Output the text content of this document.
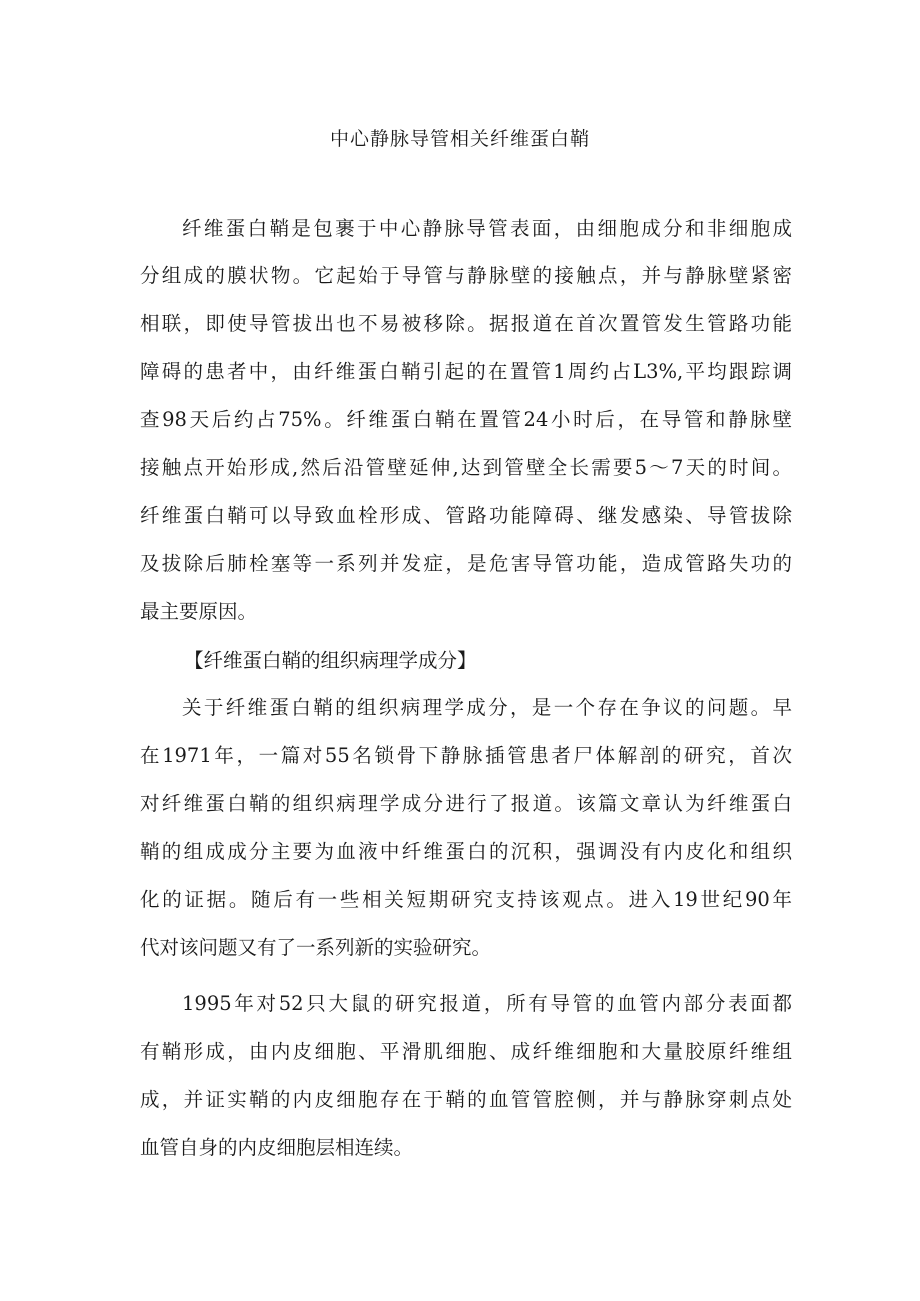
中心静脉导管相关纤维蛋白鞘
纤维蛋白鞘是包裹于中心静脉导管表面，由细胞成分和非细胞成
分组成的膜状物。它起始于导管与静脉壁的接触点，并与静脉壁紧密
相联，即使导管拔出也不易被移除。据报道在首次置管发生管路功能
障碍的患者中，由纤维蛋白鞘引起的在置管1周约占L3%,平均跟踪调
查98天后约占75%。纤维蛋白鞘在置管24小时后，在导管和静脉壁
接触点开始形成,然后沿管壁延伸,达到管壁全长需要5～7天的时间。
纤维蛋白鞘可以导致血栓形成、管路功能障碍、继发感染、导管拔除
及拔除后肺栓塞等一系列并发症，是危害导管功能，造成管路失功的
最主要原因。
【纤维蛋白鞘的组织病理学成分】
关于纤维蛋白鞘的组织病理学成分，是一个存在争议的问题。早
在1971年，一篇对55名锁骨下静脉插管患者尸体解剖的研究，首次
对纤维蛋白鞘的组织病理学成分进行了报道。该篇文章认为纤维蛋白
鞘的组成成分主要为血液中纤维蛋白的沉积，强调没有内皮化和组织
化的证据。随后有一些相关短期研究支持该观点。进入19世纪90年
代对该问题又有了一系列新的实验研究。
1995年对52只大鼠的研究报道，所有导管的血管内部分表面都
有鞘形成，由内皮细胞、平滑肌细胞、成纤维细胞和大量胶原纤维组
成，并证实鞘的内皮细胞存在于鞘的血管管腔侧，并与静脉穿刺点处
血管自身的内皮细胞层相连续。
